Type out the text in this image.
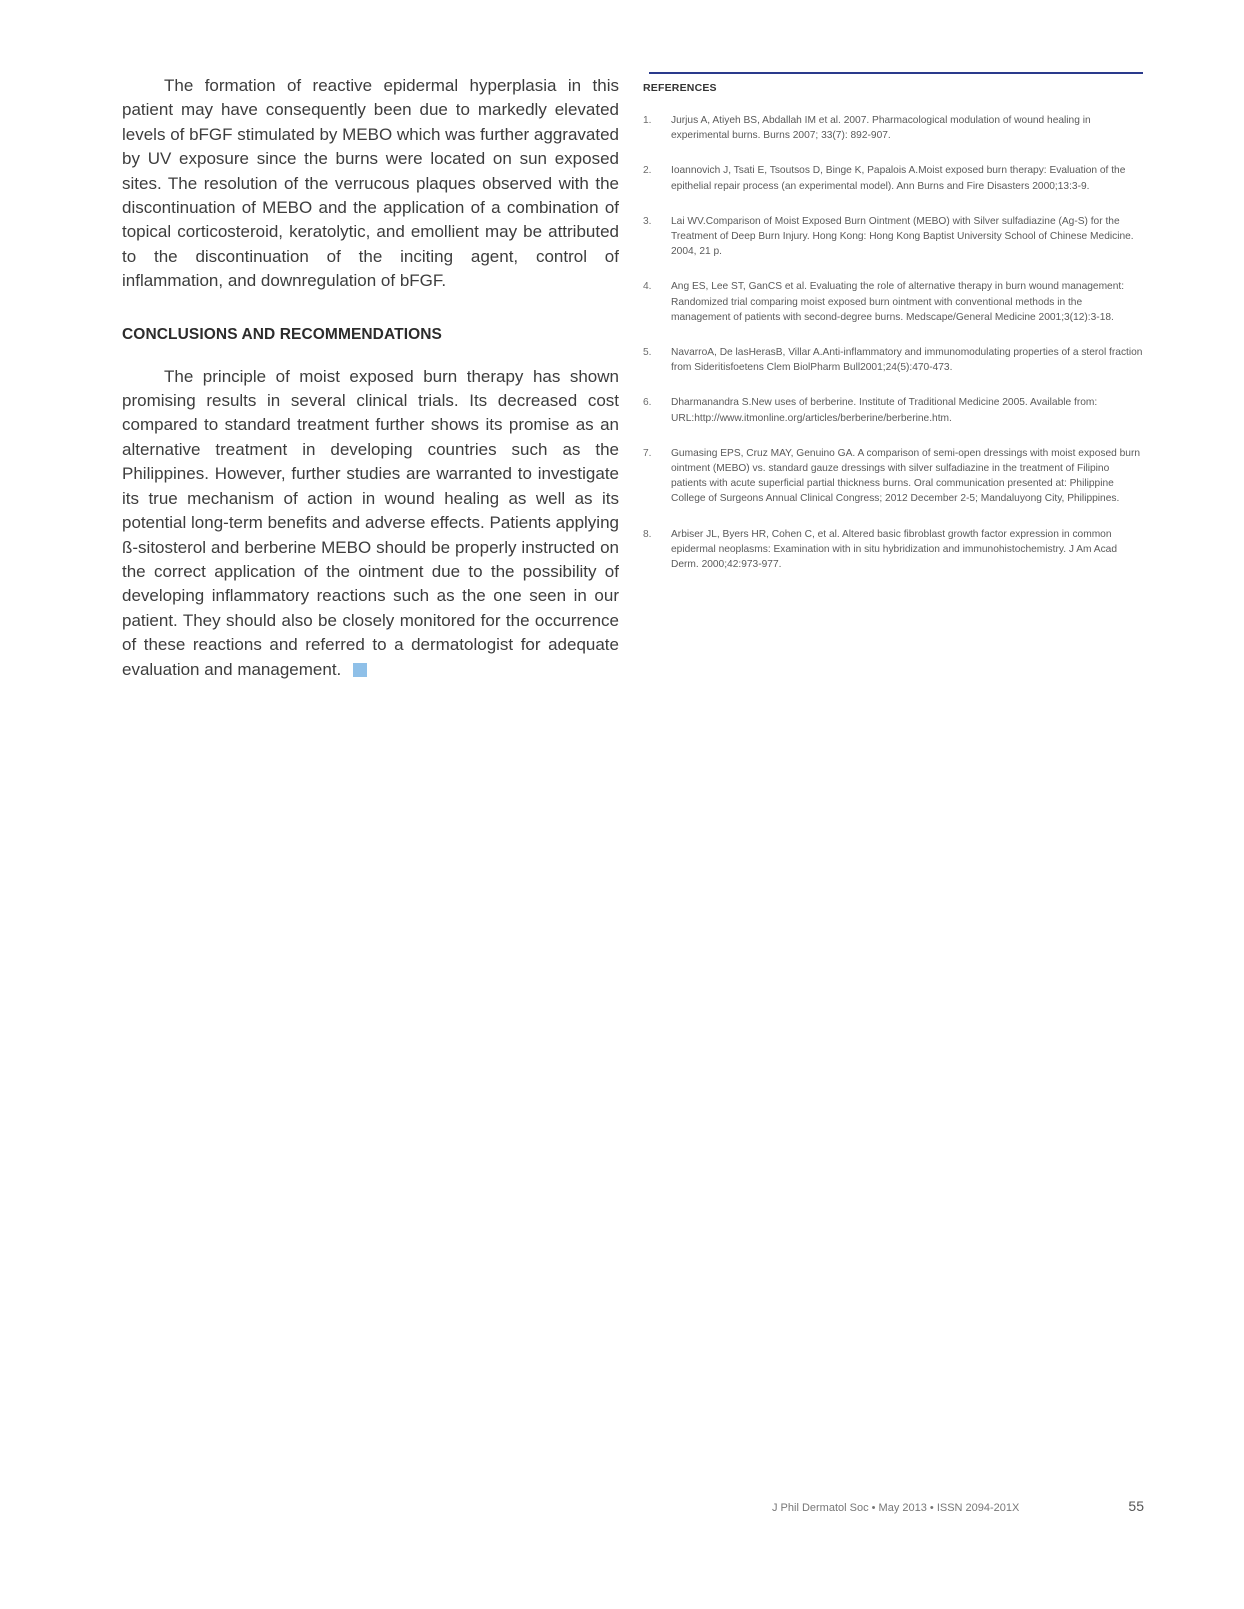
The formation of reactive epidermal hyperplasia in this patient may have consequently been due to markedly elevated levels of bFGF stimulated by MEBO which was further aggravated by UV exposure since the burns were located on sun exposed sites. The resolution of the verrucous plaques observed with the discontinuation of MEBO and the application of a combination of topical corticosteroid, keratolytic, and emollient may be attributed to the discontinuation of the inciting agent, control of inflammation, and downregulation of bFGF.

CONCLUSIONS AND RECOMMENDATIONS

The principle of moist exposed burn therapy has shown promising results in several clinical trials. Its decreased cost compared to standard treatment further shows its promise as an alternative treatment in developing countries such as the Philippines. However, further studies are warranted to investigate its true mechanism of action in wound healing as well as its potential long-term benefits and adverse effects. Patients applying ß-sitosterol and berberine MEBO should be properly instructed on the correct application of the ointment due to the possibility of developing inflammatory reactions such as the one seen in our patient. They should also be closely monitored for the occurrence of these reactions and referred to a dermatologist for adequate evaluation and management.

REFERENCES
1. Jurjus A, Atiyeh BS, Abdallah IM et al. 2007. Pharmacological modulation of wound healing in experimental burns. Burns 2007; 33(7): 892-907.
2. Ioannovich J, Tsati E, Tsoutsos D, Binge K, Papalois A.Moist exposed burn therapy: Evaluation of the epithelial repair process (an experimental model). Ann Burns and Fire Disasters 2000;13:3-9.
3. Lai WV.Comparison of Moist Exposed Burn Ointment (MEBO) with Silver sulfadiazine (Ag-S) for the Treatment of Deep Burn Injury. Hong Kong: Hong Kong Baptist University School of Chinese Medicine. 2004, 21 p.
4. Ang ES, Lee ST, GanCS et al. Evaluating the role of alternative therapy in burn wound management: Randomized trial comparing moist exposed burn ointment with conventional methods in the management of patients with second-degree burns. Medscape/General Medicine 2001;3(12):3-18.
5. NavarroA, De lasHerasB, Villar A.Anti-inflammatory and immunomodulating properties of a sterol fraction from Sideritisfoetens Clem BiolPharm Bull2001;24(5):470-473.
6. Dharmanandra S.New uses of berberine. Institute of Traditional Medicine 2005. Available from: URL:http://www.itmonline.org/articles/berberine/berberine.htm.
7. Gumasing EPS, Cruz MAY, Genuino GA. A comparison of semi-open dressings with moist exposed burn ointment (MEBO) vs. standard gauze dressings with silver sulfadiazine in the treatment of Filipino patients with acute superficial partial thickness burns. Oral communication presented at: Philippine College of Surgeons Annual Clinical Congress; 2012 December 2-5; Mandaluyong City, Philippines.
8. Arbiser JL, Byers HR, Cohen C, et al. Altered basic fibroblast growth factor expression in common epidermal neoplasms: Examination with in situ hybridization and immunohistochemistry. J Am Acad Derm. 2000;42:973-977.
J Phil Dermatol Soc • May 2013 • ISSN 2094-201X	55
